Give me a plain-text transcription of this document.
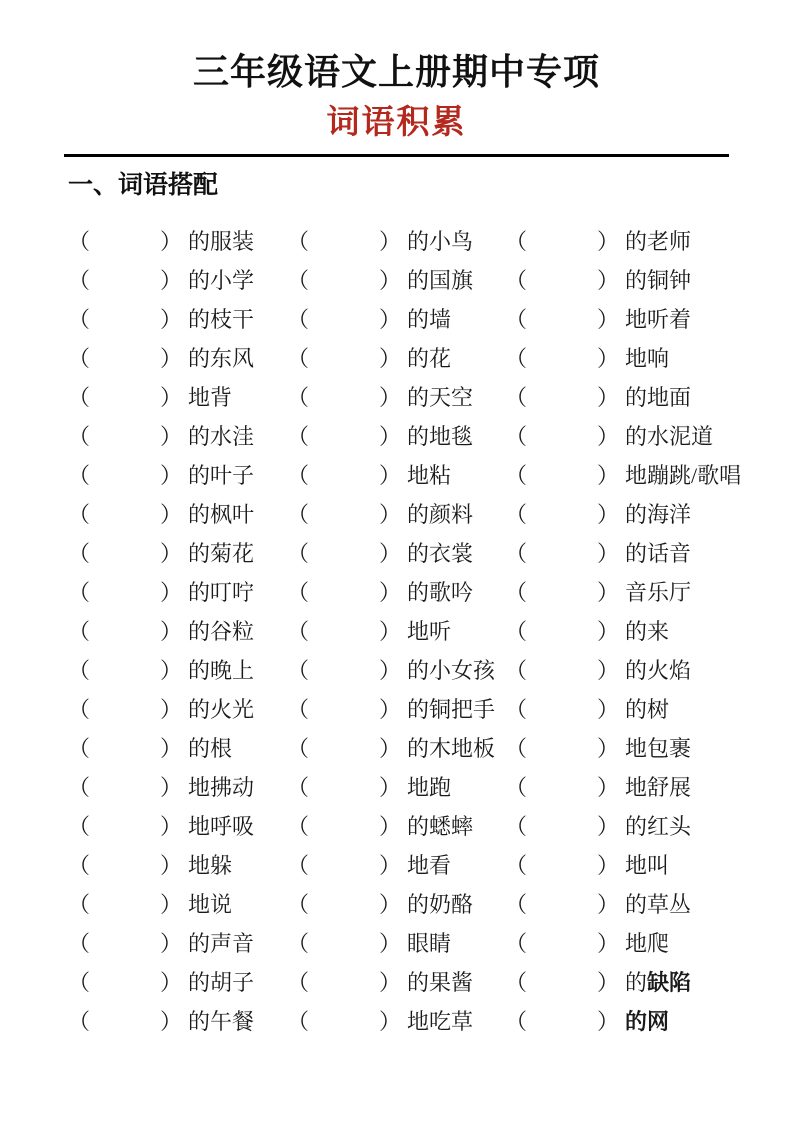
三年级语文上册期中专项
词语积累
一、词语搭配
（	） 的服装 （	） 的小鸟 （	） 的老师
（	） 的小学 （	） 的国旗 （	） 的铜钟
（	） 的枝干 （	） 的墙 （	） 地听着
（	） 的东风 （	） 的花 （	） 地响
（	） 地背 （	） 的天空 （	） 的地面
（	） 的水洼 （	） 的地毯 （	） 的水泥道
（	） 的叶子 （	） 地粘 （	） 地蹦跳/歌唱
（	） 的枫叶 （	） 的颜料 （	） 的海洋
（	） 的菊花 （	） 的衣裳 （	） 的话音
（	） 的叮咛 （	） 的歌吟 （	） 音乐厅
（	） 的谷粒 （	） 地听 （	） 的来
（	） 的晚上 （	） 的小女孩 （	） 的火焰
（	） 的火光 （	） 的铜把手 （	） 的树
（	） 的根 （	） 的木地板 （	） 地包裹
（	） 地拂动 （	） 地跑 （	） 地舒展
（	） 地呼吸 （	） 的蟋蟀 （	） 的红头
（	） 地躲 （	） 地看 （	） 地叫
（	） 地说 （	） 的奶酪 （	） 的草丛
（	） 的声音 （	） 眼睛 （	） 地爬
（	） 的胡子 （	） 的果酱 （	） 的缺陷
（	） 的午餐 （	） 地吃草 （	） 的网
